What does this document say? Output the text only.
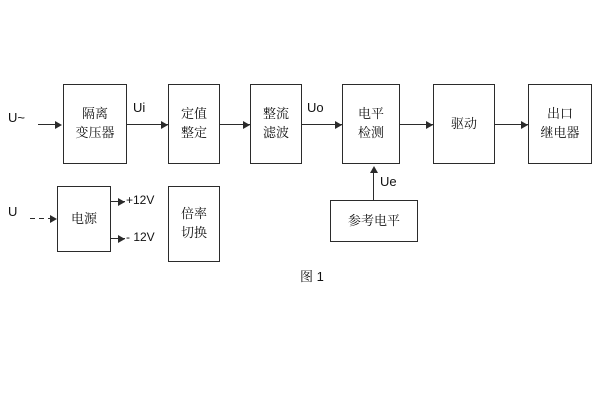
U~	隔离
变压器
Ui	定值
整定
整流
滤波
Uo	电平
检测
驱动
出口
继电器
U	电源
+12V
- 12V
倍率
切换
参考电平
Ue
图 1
